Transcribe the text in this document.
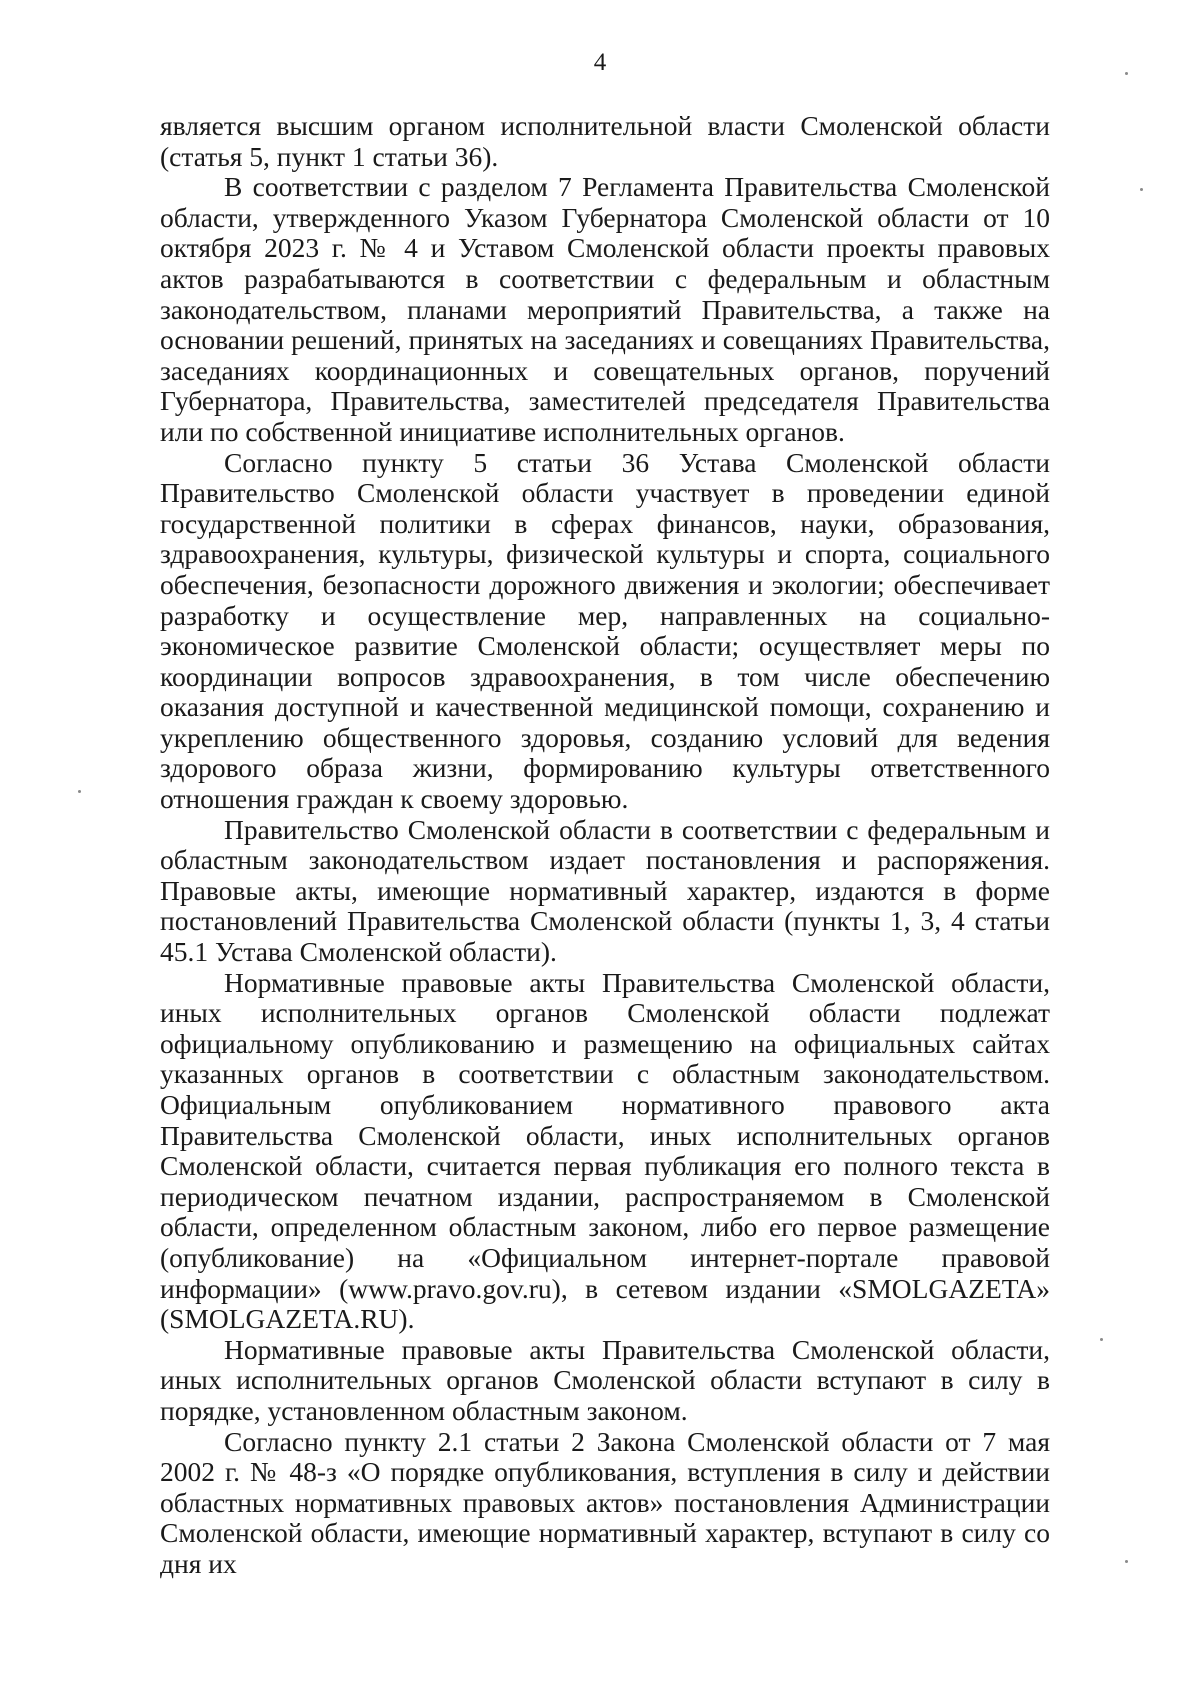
4

является высшим органом исполнительной власти Смоленской области (статья 5, пункт 1 статьи 36).

В соответствии с разделом 7 Регламента Правительства Смоленской области, утвержденного Указом Губернатора Смоленской области от 10 октября 2023 г. № 4 и Уставом Смоленской области проекты правовых актов разрабатываются в соответствии с федеральным и областным законодательством, планами мероприятий Правительства, а также на основании решений, принятых на заседаниях и совещаниях Правительства, заседаниях координационных и совещательных органов, поручений Губернатора, Правительства, заместителей председателя Правительства или по собственной инициативе исполнительных органов.

Согласно пункту 5 статьи 36 Устава Смоленской области Правительство Смоленской области участвует в проведении единой государственной политики в сферах финансов, науки, образования, здравоохранения, культуры, физической культуры и спорта, социального обеспечения, безопасности дорожного движения и экологии; обеспечивает разработку и осуществление мер, направленных на социально-экономическое развитие Смоленской области; осуществляет меры по координации вопросов здравоохранения, в том числе обеспечению оказания доступной и качественной медицинской помощи, сохранению и укреплению общественного здоровья, созданию условий для ведения здорового образа жизни, формированию культуры ответственного отношения граждан к своему здоровью.

Правительство Смоленской области в соответствии с федеральным и областным законодательством издает постановления и распоряжения. Правовые акты, имеющие нормативный характер, издаются в форме постановлений Правительства Смоленской области (пункты 1, 3, 4 статьи 45.1 Устава Смоленской области).

Нормативные правовые акты Правительства Смоленской области, иных исполнительных органов Смоленской области подлежат официальному опубликованию и размещению на официальных сайтах указанных органов в соответствии с областным законодательством. Официальным опубликованием нормативного правового акта Правительства Смоленской области, иных исполнительных органов Смоленской области, считается первая публикация его полного текста в периодическом печатном издании, распространяемом в Смоленской области, определенном областным законом, либо его первое размещение (опубликование) на «Официальном интернет-портале правовой информации» (www.pravo.gov.ru), в сетевом издании «SMOLGAZETA» (SMOLGAZETA.RU).

Нормативные правовые акты Правительства Смоленской области, иных исполнительных органов Смоленской области вступают в силу в порядке, установленном областным законом.

Согласно пункту 2.1 статьи 2 Закона Смоленской области от 7 мая 2002 г. № 48-з «О порядке опубликования, вступления в силу и действии областных нормативных правовых актов» постановления Администрации Смоленской области, имеющие нормативный характер, вступают в силу со дня их
